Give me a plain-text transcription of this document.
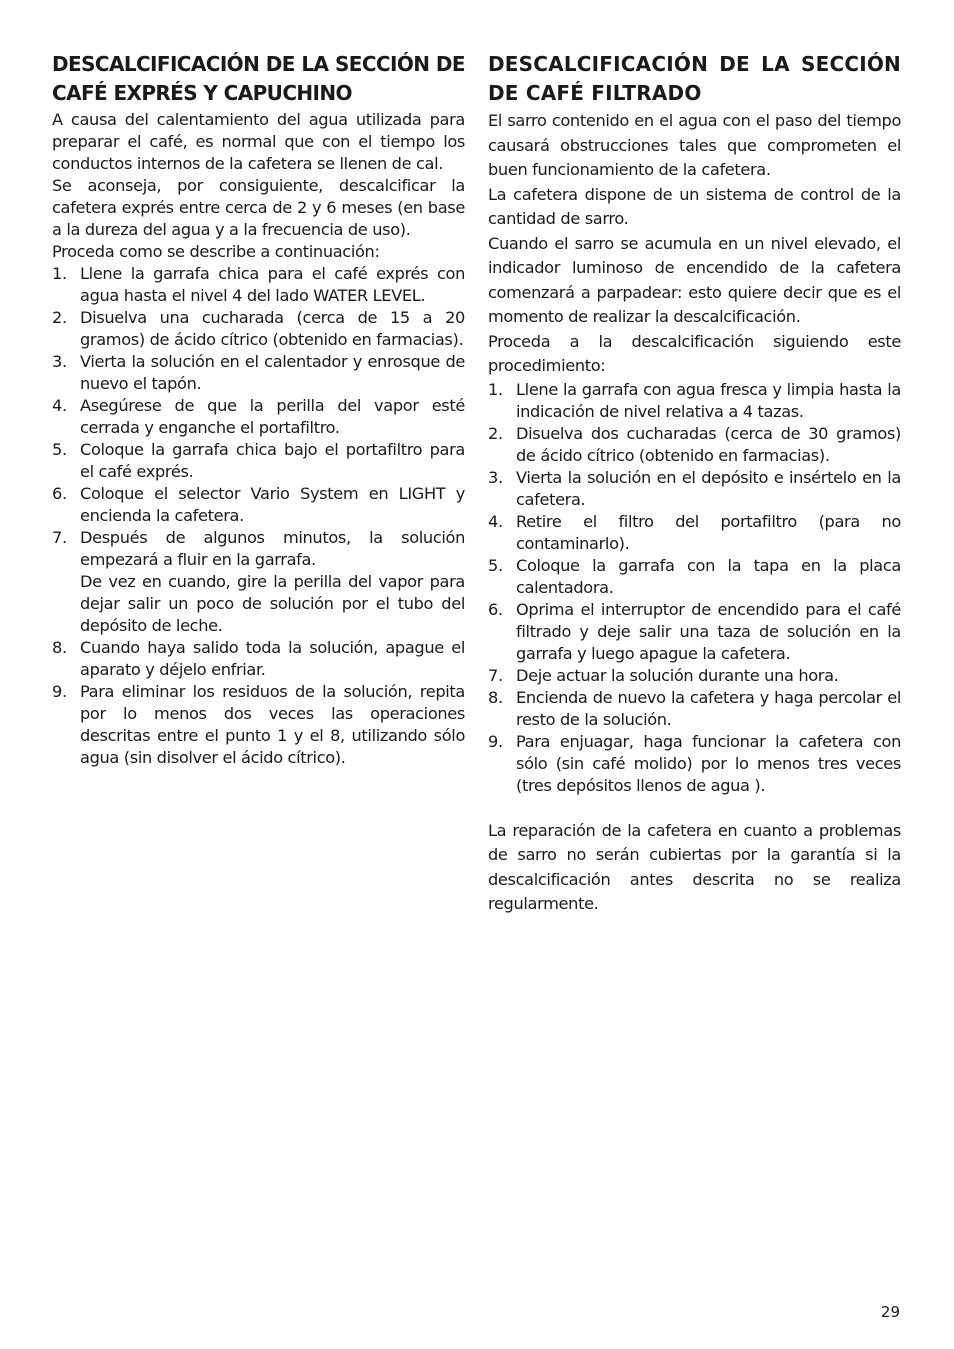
DESCALCIFICACIÓN DE LA SECCIÓN DE CAFÉ EXPRÉS Y CAPUCHINO

A causa del calentamiento del agua utilizada para preparar el café, es normal que con el tiempo los conductos internos de la cafetera se llenen de cal.

Se aconseja, por consiguiente, descalcificar la cafetera exprés entre cerca de 2 y 6 meses (en base a la dureza del agua y a la frecuencia de uso).

Proceda como se describe a continuación:

1. Llene la garrafa chica para el café exprés con agua hasta el nivel 4 del lado WATER LEVEL.
2. Disuelva una cucharada (cerca de 15 a 20 gramos) de ácido cítrico (obtenido en farmacias).
3. Vierta la solución en el calentador y enrosque de nuevo el tapón.
4. Asegúrese de que la perilla del vapor esté cerrada y enganche el portafiltro.
5. Coloque la garrafa chica bajo el portafiltro para el café exprés.
6. Coloque el selector Vario System en LIGHT y encienda la cafetera.
7. Después de algunos minutos, la solución empezará a fluir en la garrafa.
De vez en cuando, gire la perilla del vapor para dejar salir un poco de solución por el tubo del depósito de leche.
8. Cuando haya salido toda la solución, apague el aparato y déjelo enfriar.
9. Para eliminar los residuos de la solución, repita por lo menos dos veces las operaciones descritas entre el punto 1 y el 8, utilizando sólo agua (sin disolver el ácido cítrico).
DESCALCIFICACIÓN DE LA SECCIÓN DE CAFÉ FILTRADO

El sarro contenido en el agua con el paso del tiempo causará obstrucciones tales que comprometen el buen funcionamiento de la cafetera.

La cafetera dispone de un sistema de control de la cantidad de sarro.

Cuando el sarro se acumula en un nivel elevado, el indicador luminoso de encendido de la cafetera comenzará a parpadear: esto quiere decir que es el momento de realizar la descalcificación.

Proceda a la descalcificación siguiendo este procedimiento:

1. Llene la garrafa con agua fresca y limpia hasta la indicación de nivel relativa a 4 tazas.
2. Disuelva dos cucharadas (cerca de 30 gramos) de ácido cítrico (obtenido en farmacias).
3. Vierta la solución en el depósito e insértelo en la cafetera.
4. Retire el filtro del portafiltro (para no contaminarlo).
5. Coloque la garrafa con la tapa en la placa calentadora.
6. Oprima el interruptor de encendido para el café filtrado y deje salir una taza de solución en la garrafa y luego apague la cafetera.
7. Deje actuar la solución durante una hora.
8. Encienda de nuevo la cafetera y haga percolar el resto de la solución.
9. Para enjuagar, haga funcionar la cafetera con sólo (sin café molido) por lo menos tres veces (tres depósitos llenos de agua ).

La reparación de la cafetera en cuanto a problemas de sarro no serán cubiertas por la garantía si la descalcificación antes descrita no se realiza regularmente.

29
